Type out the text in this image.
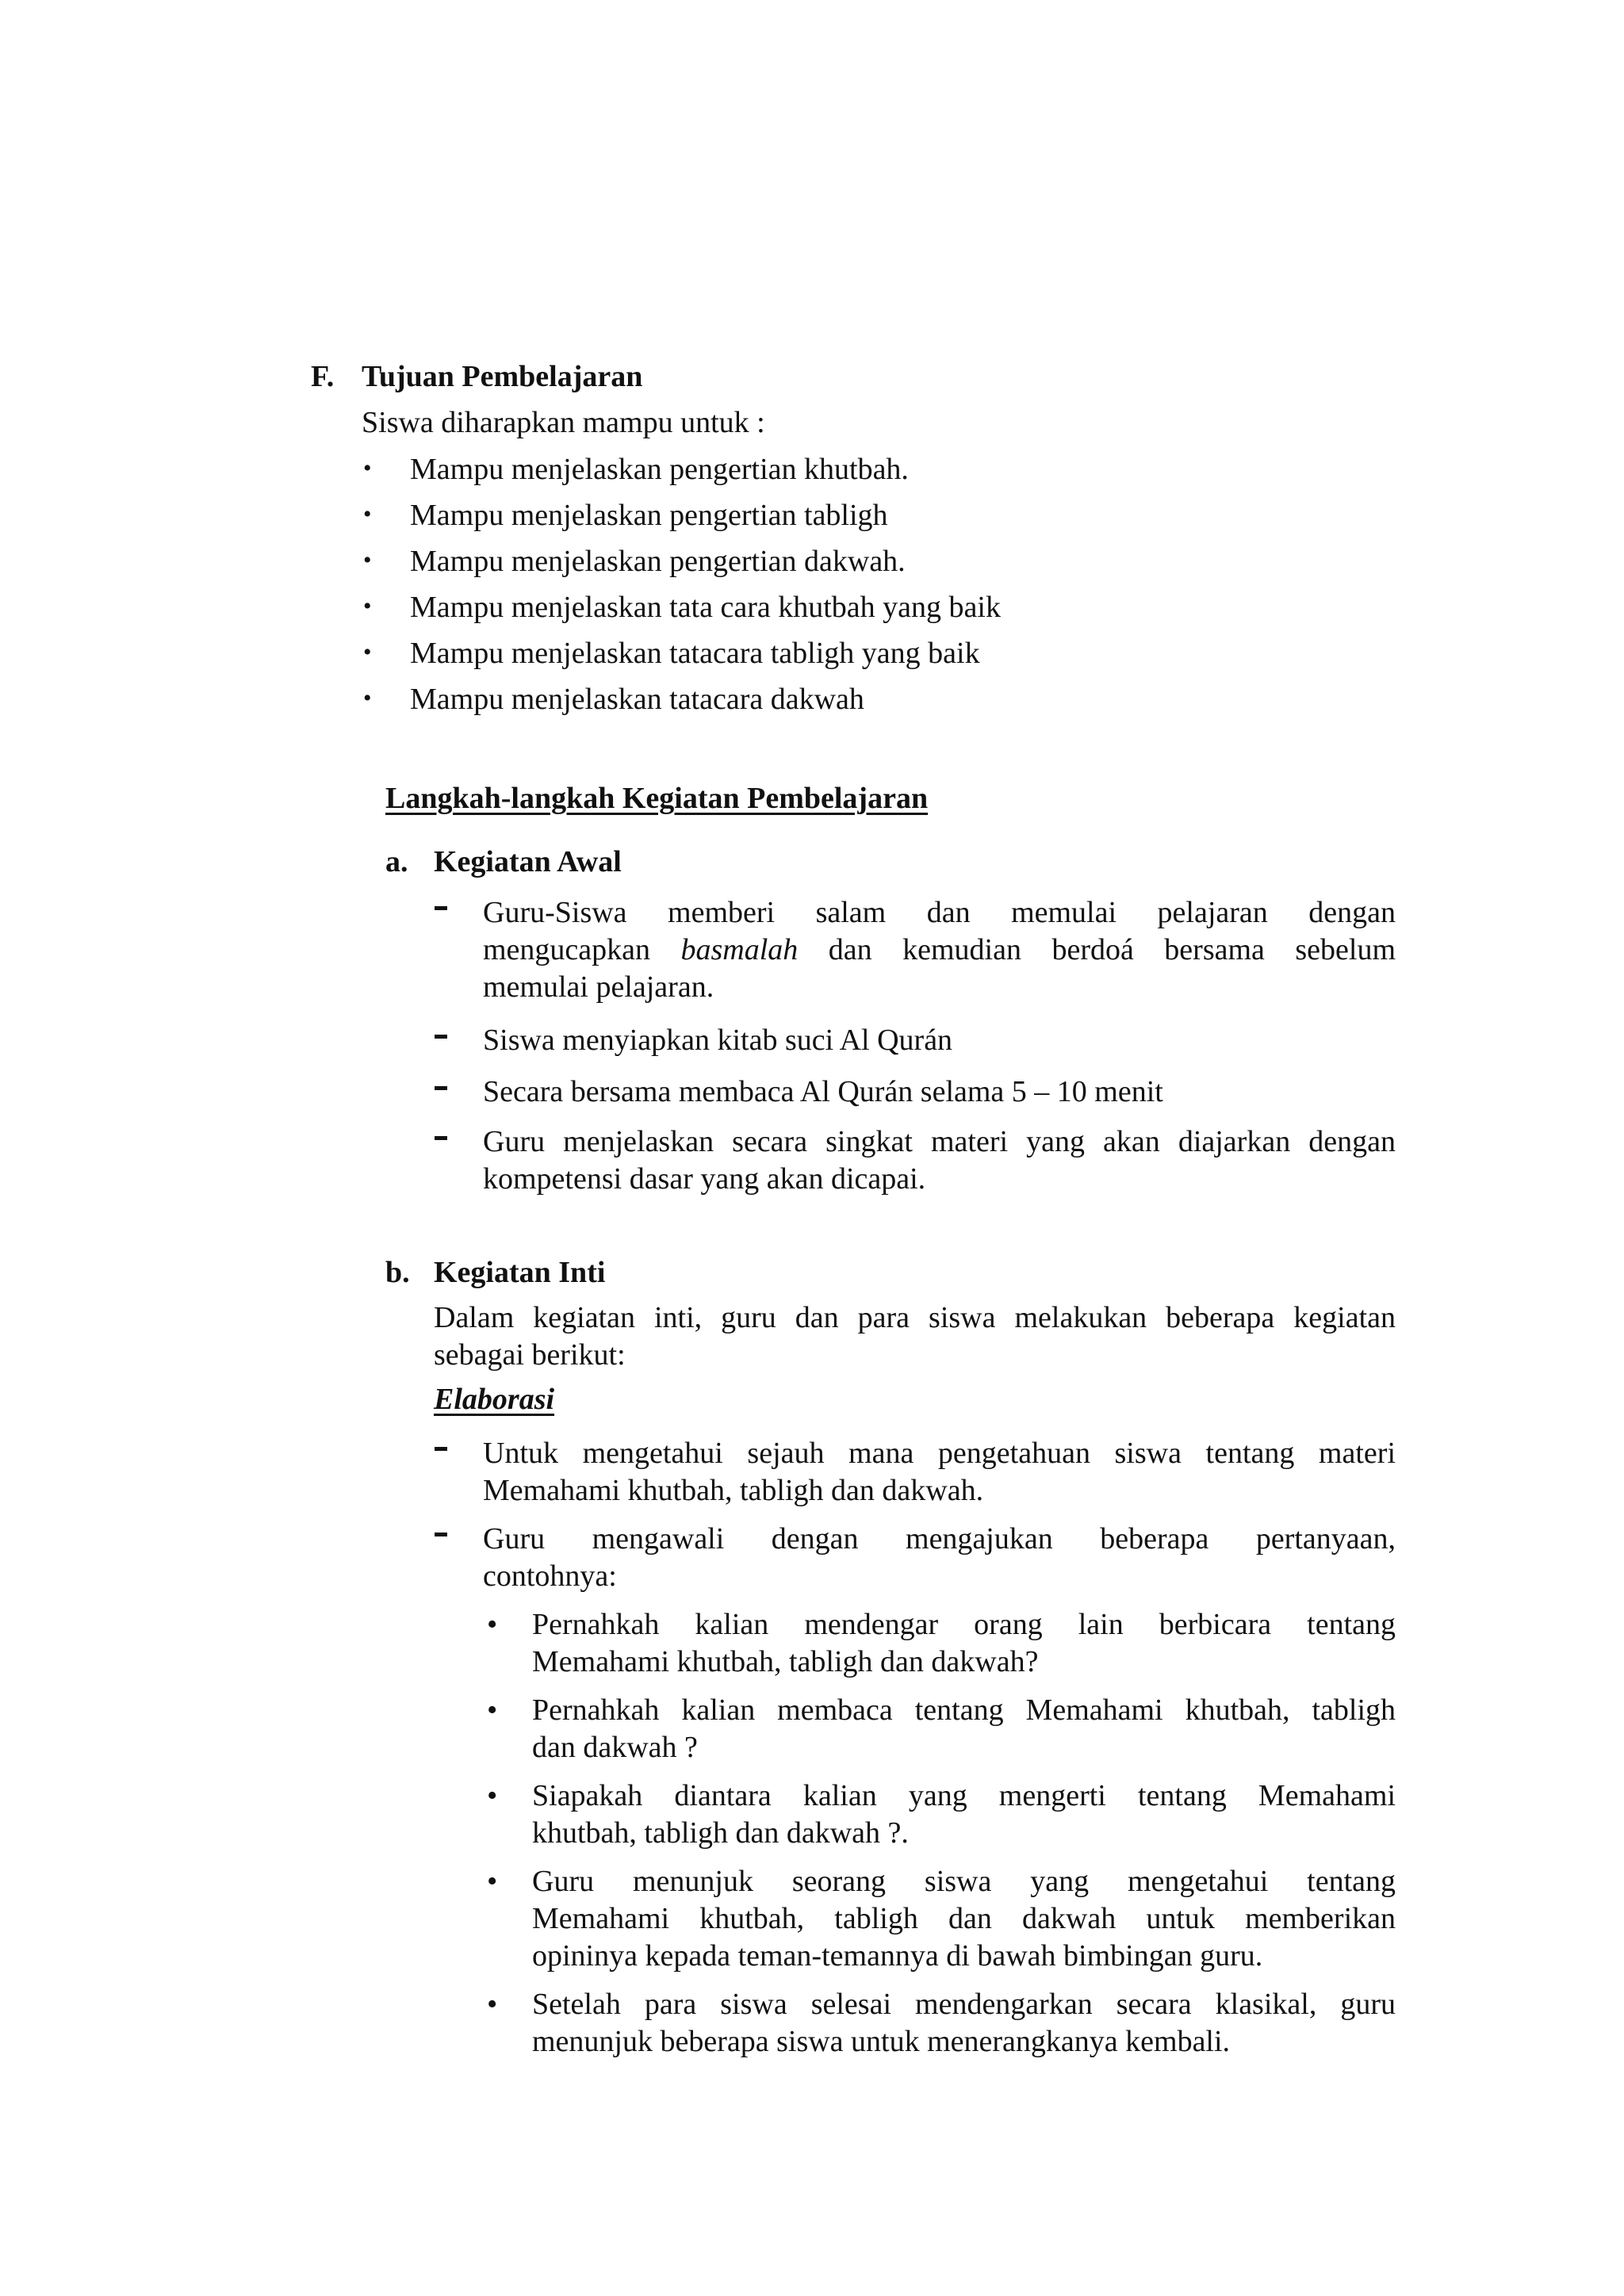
F. Tujuan Pembelajaran
Siswa diharapkan mampu untuk :
• Mampu menjelaskan pengertian khutbah.
• Mampu menjelaskan pengertian tabligh
• Mampu menjelaskan pengertian dakwah.
• Mampu menjelaskan tata cara khutbah yang baik
• Mampu menjelaskan tatacara tabligh yang baik
• Mampu menjelaskan tatacara dakwah
Langkah-langkah Kegiatan Pembelajaran
a. Kegiatan Awal
Guru-Siswa memberi salam dan memulai pelajaran dengan
mengucapkan basmalah dan kemudian berdoá bersama sebelum
memulai pelajaran.
Siswa menyiapkan kitab suci Al Qurán
Secara bersama membaca Al Qurán selama 5 – 10 menit
Guru menjelaskan secara singkat materi yang akan diajarkan dengan
kompetensi dasar yang akan dicapai.
b. Kegiatan Inti
Dalam kegiatan inti, guru dan para siswa melakukan beberapa kegiatan
sebagai berikut:
Elaborasi
Untuk mengetahui sejauh mana pengetahuan siswa tentang materi
Memahami khutbah, tabligh dan dakwah.
Guru mengawali dengan mengajukan beberapa pertanyaan,
contohnya:
• Pernahkah kalian mendengar orang lain berbicara tentang
Memahami khutbah, tabligh dan dakwah?
• Pernahkah kalian membaca tentang Memahami khutbah, tabligh
dan dakwah ?
• Siapakah diantara kalian yang mengerti tentang Memahami
khutbah, tabligh dan dakwah ?.
• Guru menunjuk seorang siswa yang mengetahui tentang
Memahami khutbah, tabligh dan dakwah untuk memberikan
opininya kepada teman-temannya di bawah bimbingan guru.
• Setelah para siswa selesai mendengarkan secara klasikal, guru
menunjuk beberapa siswa untuk menerangkanya kembali.
